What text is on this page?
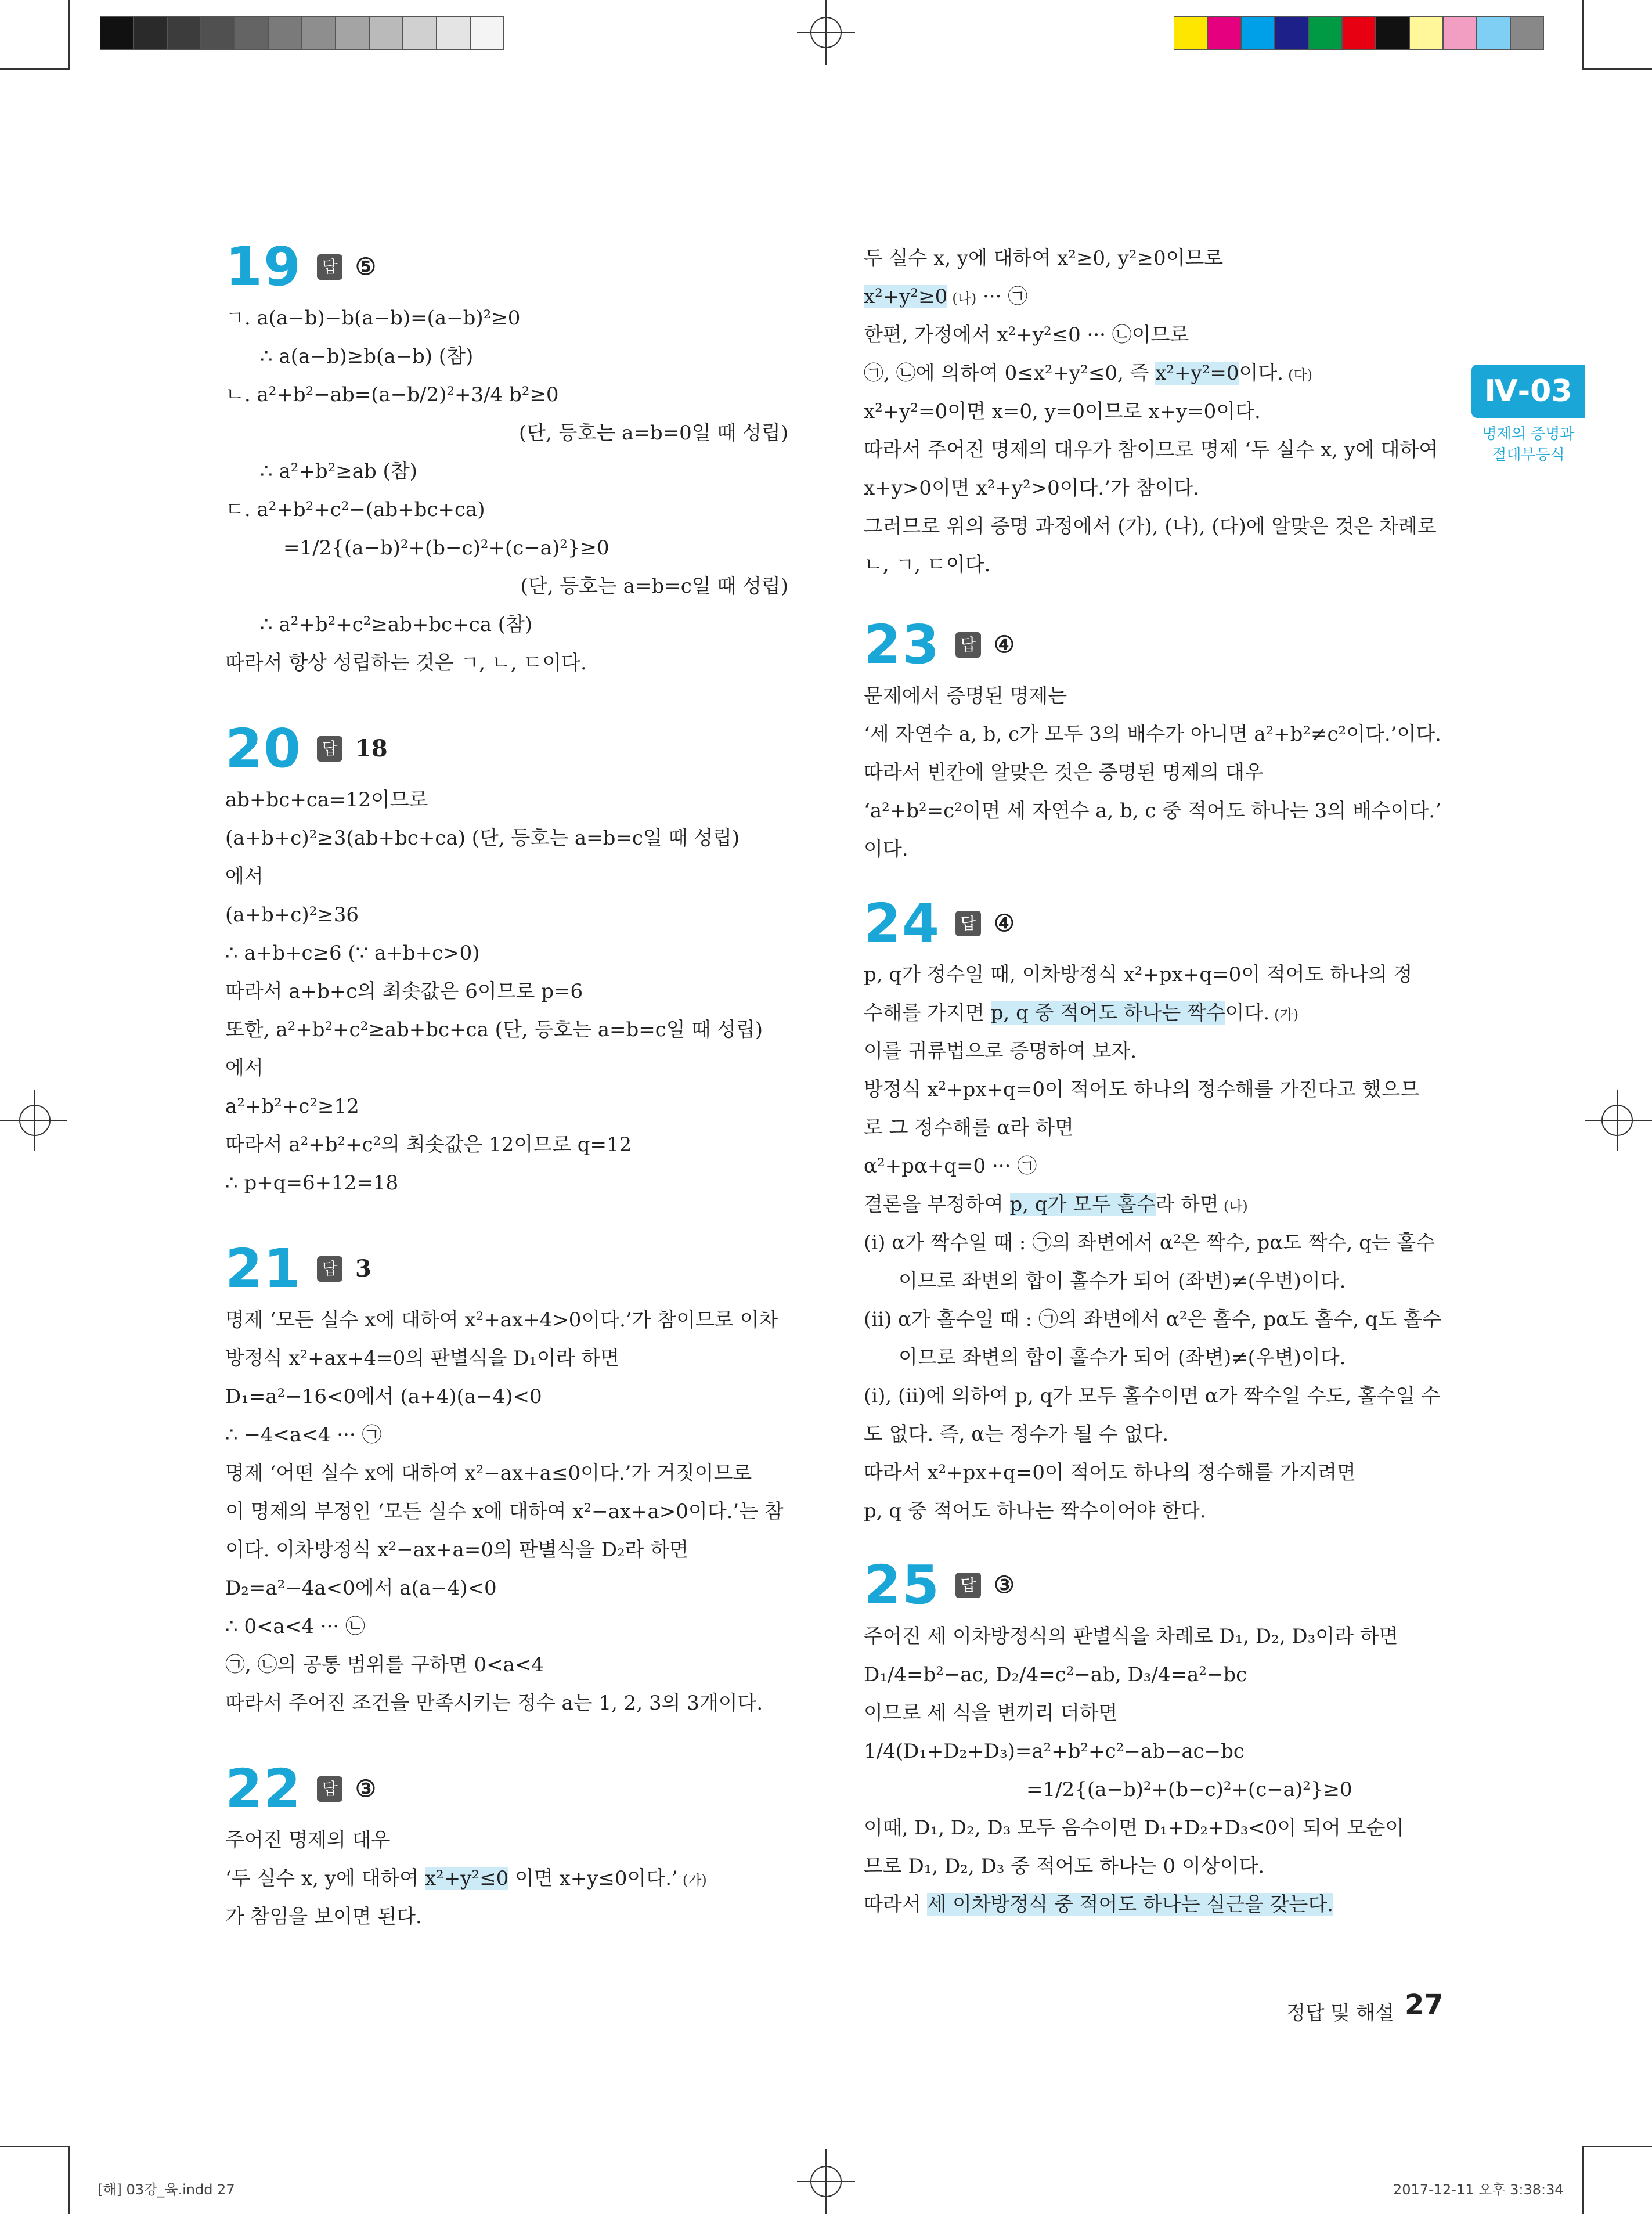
Ⅳ-03
명제의 증명과
절대부등식
19	답 ⑤
ㄱ. a(a−b)−b(a−b)=(a−b)²≥0
∴ a(a−b)≥b(a−b) (참)
ㄴ. a²+b²−ab=(a−b/2)²+3/4 b²≥0
(단, 등호는 a=b=0일 때 성립)
∴ a²+b²≥ab (참)
ㄷ. a²+b²+c²−(ab+bc+ca)
=1/2{(a−b)²+(b−c)²+(c−a)²}≥0
(단, 등호는 a=b=c일 때 성립)
∴ a²+b²+c²≥ab+bc+ca (참)
따라서 항상 성립하는 것은 ㄱ, ㄴ, ㄷ이다.
20	답 18
ab+bc+ca=12이므로
(a+b+c)²≥3(ab+bc+ca) (단, 등호는 a=b=c일 때 성립)
에서
(a+b+c)²≥36
∴ a+b+c≥6 (∵ a+b+c>0)
따라서 a+b+c의 최솟값은 6이므로 p=6
또한, a²+b²+c²≥ab+bc+ca (단, 등호는 a=b=c일 때 성립)
에서
a²+b²+c²≥12
따라서 a²+b²+c²의 최솟값은 12이므로 q=12
∴ p+q=6+12=18
21	답 3
명제 ‘모든 실수 x에 대하여 x²+ax+4>0이다.’가 참이므로 이차
방정식 x²+ax+4=0의 판별식을 D₁이라 하면
D₁=a²−16<0에서 (a+4)(a−4)<0
∴ −4<a<4 ··· ㉠
명제 ‘어떤 실수 x에 대하여 x²−ax+a≤0이다.’가 거짓이므로
이 명제의 부정인 ‘모든 실수 x에 대하여 x²−ax+a>0이다.’는 참
이다. 이차방정식 x²−ax+a=0의 판별식을 D₂라 하면
D₂=a²−4a<0에서 a(a−4)<0
∴ 0<a<4 ··· ㉡
㉠, ㉡의 공통 범위를 구하면 0<a<4
따라서 주어진 조건을 만족시키는 정수 a는 1, 2, 3의 3개이다.
22	답 ③
주어진 명제의 대우
‘두 실수 x, y에 대하여 x²+y²≤0 이면 x+y≤0이다.’ (가)
가 참임을 보이면 된다.
두 실수 x, y에 대하여 x²≥0, y²≥0이므로
x²+y²≥0 (나) ··· ㉠
한편, 가정에서 x²+y²≤0 ··· ㉡이므로
㉠, ㉡에 의하여 0≤x²+y²≤0, 즉 x²+y²=0이다. (다)
x²+y²=0이면 x=0, y=0이므로 x+y=0이다.
따라서 주어진 명제의 대우가 참이므로 명제 ‘두 실수 x, y에 대하여
x+y>0이면 x²+y²>0이다.’가 참이다.
그러므로 위의 증명 과정에서 (가), (나), (다)에 알맞은 것은 차례로
ㄴ, ㄱ, ㄷ이다.
23	답 ④
문제에서 증명된 명제는
‘세 자연수 a, b, c가 모두 3의 배수가 아니면 a²+b²≠c²이다.’이다.
따라서 빈칸에 알맞은 것은 증명된 명제의 대우
‘a²+b²=c²이면 세 자연수 a, b, c 중 적어도 하나는 3의 배수이다.’
이다.
24	답 ④
p, q가 정수일 때, 이차방정식 x²+px+q=0이 적어도 하나의 정
수해를 가지면 p, q 중 적어도 하나는 짝수이다. (가)
이를 귀류법으로 증명하여 보자.
방정식 x²+px+q=0이 적어도 하나의 정수해를 가진다고 했으므
로 그 정수해를 α라 하면
α²+pα+q=0 ··· ㉠
결론을 부정하여 p, q가 모두 홀수라 하면 (나)
(ⅰ) α가 짝수일 때 : ㉠의 좌변에서 α²은 짝수, pα도 짝수, q는 홀수
이므로 좌변의 합이 홀수가 되어 (좌변)≠(우변)이다.
(ⅱ) α가 홀수일 때 : ㉠의 좌변에서 α²은 홀수, pα도 홀수, q도 홀수
이므로 좌변의 합이 홀수가 되어 (좌변)≠(우변)이다.
(ⅰ), (ⅱ)에 의하여 p, q가 모두 홀수이면 α가 짝수일 수도, 홀수일 수
도 없다. 즉, α는 정수가 될 수 없다.
따라서 x²+px+q=0이 적어도 하나의 정수해를 가지려면
p, q 중 적어도 하나는 짝수이어야 한다.
25	답 ③
주어진 세 이차방정식의 판별식을 차례로 D₁, D₂, D₃이라 하면
D₁/4=b²−ac, D₂/4=c²−ab, D₃/4=a²−bc
이므로 세 식을 변끼리 더하면
1/4(D₁+D₂+D₃)=a²+b²+c²−ab−ac−bc
=1/2{(a−b)²+(b−c)²+(c−a)²}≥0
이때, D₁, D₂, D₃ 모두 음수이면 D₁+D₂+D₃<0이 되어 모순이
므로 D₁, D₂, D₃ 중 적어도 하나는 0 이상이다.
따라서 세 이차방정식 중 적어도 하나는 실근을 갖는다.
정답 및 해설 27
[해] 03강_육.indd 27	2017-12-11 오후 3:38:34
